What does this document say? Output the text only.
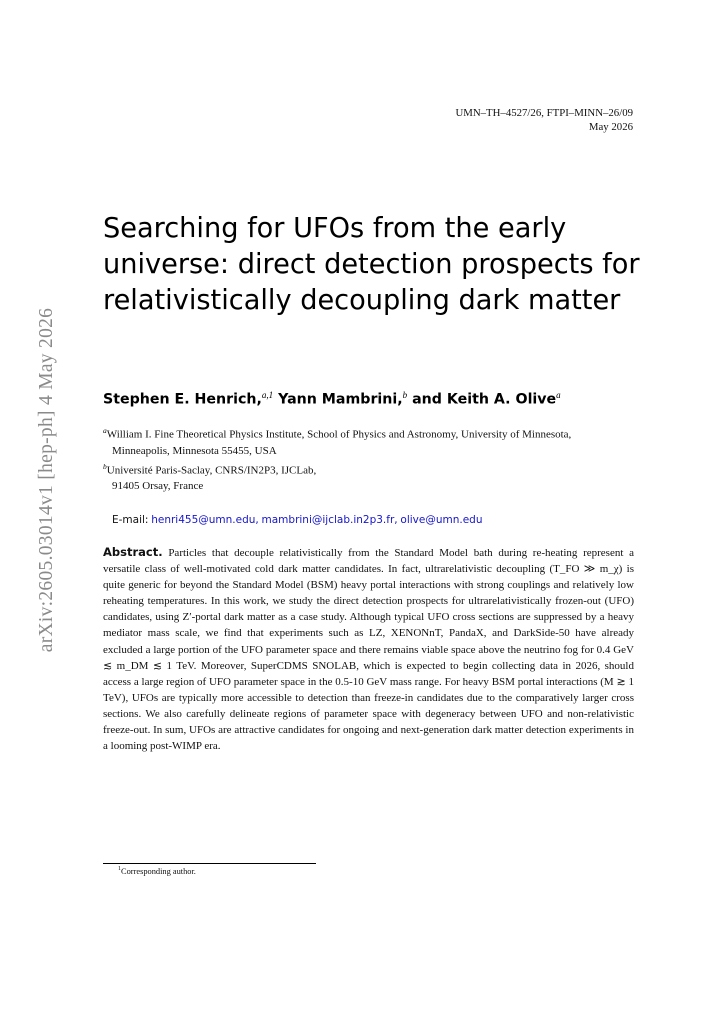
arXiv:2605.03014v1 [hep-ph] 4 May 2026
UMN–TH–4527/26, FTPI–MINN–26/09
May 2026
Searching for UFOs from the early universe: direct detection prospects for relativistically decoupling dark matter
Stephen E. Henrich,$^{a,1}$ Yann Mambrini,$^b$ and Keith A. Olive$^a$
$^a$William I. Fine Theoretical Physics Institute, School of Physics and Astronomy, University of Minnesota,
Minneapolis, Minnesota 55455, USA
$^b$Université Paris-Saclay, CNRS/IN2P3, IJCLab,
91405 Orsay, France
E-mail: henri455@umn.edu, mambrini@ijclab.in2p3.fr, olive@umn.edu
Abstract. Particles that decouple relativistically from the Standard Model bath during re-heating represent a versatile class of well-motivated cold dark matter candidates. In fact, ultrarelativistic decoupling (T_FO ≫ m_χ) is quite generic for beyond the Standard Model (BSM) heavy portal interactions with strong couplings and relatively low reheating temperatures. In this work, we study the direct detection prospects for ultrarelativistically frozen-out (UFO) candidates, using Z′-portal dark matter as a case study. Although typical UFO cross sections are suppressed by a heavy mediator mass scale, we find that experiments such as LZ, XENONnT, PandaX, and DarkSide-50 have already excluded a large portion of the UFO parameter space and there remains viable space above the neutrino fog for 0.4 GeV ≲ m_DM ≲ 1 TeV. Moreover, SuperCDMS SNOLAB, which is expected to begin collecting data in 2026, should access a large region of UFO parameter space in the 0.5-10 GeV mass range. For heavy BSM portal interactions (M ≳ 1 TeV), UFOs are typically more accessible to detection than freeze-in candidates due to the comparatively larger cross sections. We also carefully delineate regions of parameter space with degeneracy between UFO and non-relativistic freeze-out. In sum, UFOs are attractive candidates for ongoing and next-generation dark matter detection experiments in a looming post-WIMP era.
$^1$Corresponding author.
